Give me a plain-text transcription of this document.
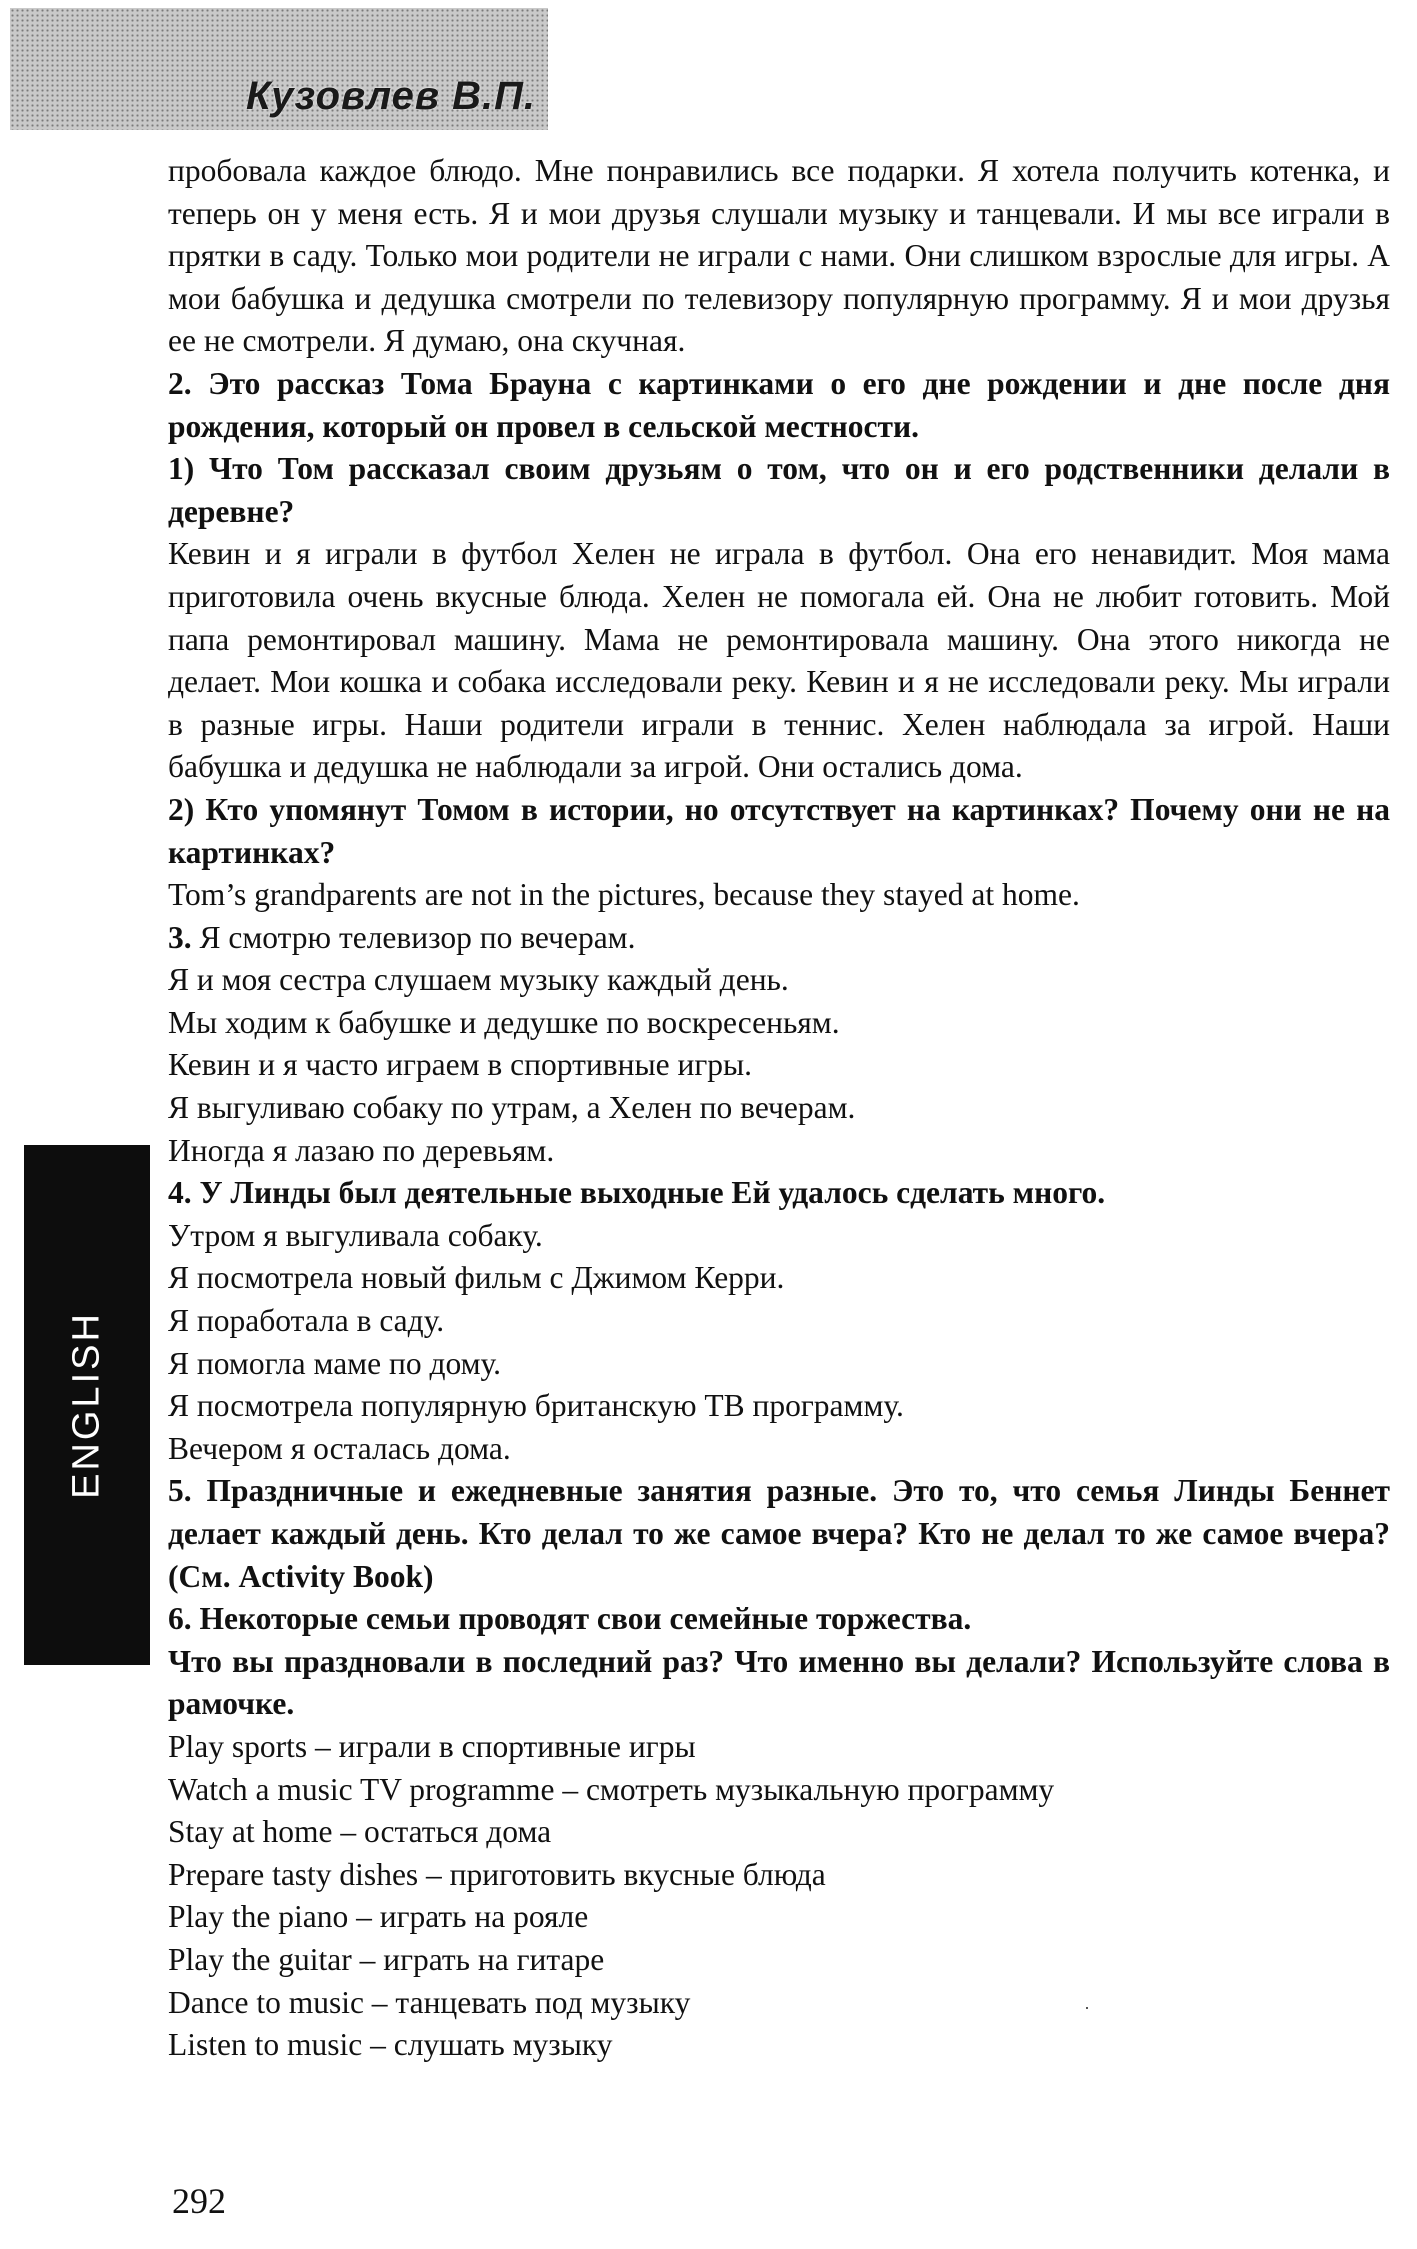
Кузовлев В.П.
ENGLISH

пробовала каждое блюдо. Мне понравились все подарки. Я хотела получить котенка, и теперь он у меня есть. Я и мои друзья слушали музыку и танцевали. И мы все играли в прятки в саду. Только мои родители не играли с нами. Они слишком взрослые для игры. А мои бабушка и дедушка смотрели по телевизору популярную программу. Я и мои друзья ее не смотрели. Я думаю, она скучная.

2. Это рассказ Тома Брауна с картинками о его дне рождении и дне после дня рождения, который он провел в сельской местности.

1) Что Том рассказал своим друзьям о том, что он и его родственники делали в деревне?

Кевин и я играли в футбол Хелен не играла в футбол. Она его ненавидит. Моя мама приготовила очень вкусные блюда. Хелен не помогала ей. Она не любит готовить. Мой папа ремонтировал машину. Мама не ремонтировала машину. Она этого никогда не делает. Мои кошка и собака исследовали реку. Кевин и я не исследовали реку. Мы играли в разные игры. Наши родители играли в теннис. Хелен наблюдала за игрой. Наши бабушка и дедушка не наблюдали за игрой. Они остались дома.

2) Кто упомянут Томом в истории, но отсутствует на картинках? Почему они не на картинках?

Tom’s grandparents are not in the pictures, because they stayed at home.

3. Я смотрю телевизор по вечерам.

Я и моя сестра слушаем музыку каждый день.

Мы ходим к бабушке и дедушке по воскресеньям.

Кевин и я часто играем в спортивные игры.

Я выгуливаю собаку по утрам, а Хелен по вечерам.

Иногда я лазаю по деревьям.

4. У Линды был деятельные выходные Ей удалось сделать много.

Утром я выгуливала собаку.

Я посмотрела новый фильм с Джимом Керри.

Я поработала в саду.

Я помогла маме по дому.

Я посмотрела популярную британскую ТВ программу.

Вечером я осталась дома.

5. Праздничные и ежедневные занятия разные. Это то, что семья Линды Беннет делает каждый день. Кто делал то же самое вчера? Кто не делал то же самое вчера? (См. Activity Book)

6. Некоторые семьи проводят свои семейные торжества.

Что вы праздновали в последний раз? Что именно вы делали? Используйте слова в рамочке.

Play sports – играли в спортивные игры

Watch a music TV programme – смотреть музыкальную программу

Stay at home – остаться дома

Prepare tasty dishes – приготовить вкусные блюда

Play the piano – играть на рояле

Play the guitar – играть на гитаре

Dance to music – танцевать под музыку

Listen to music – слушать музыку

292
